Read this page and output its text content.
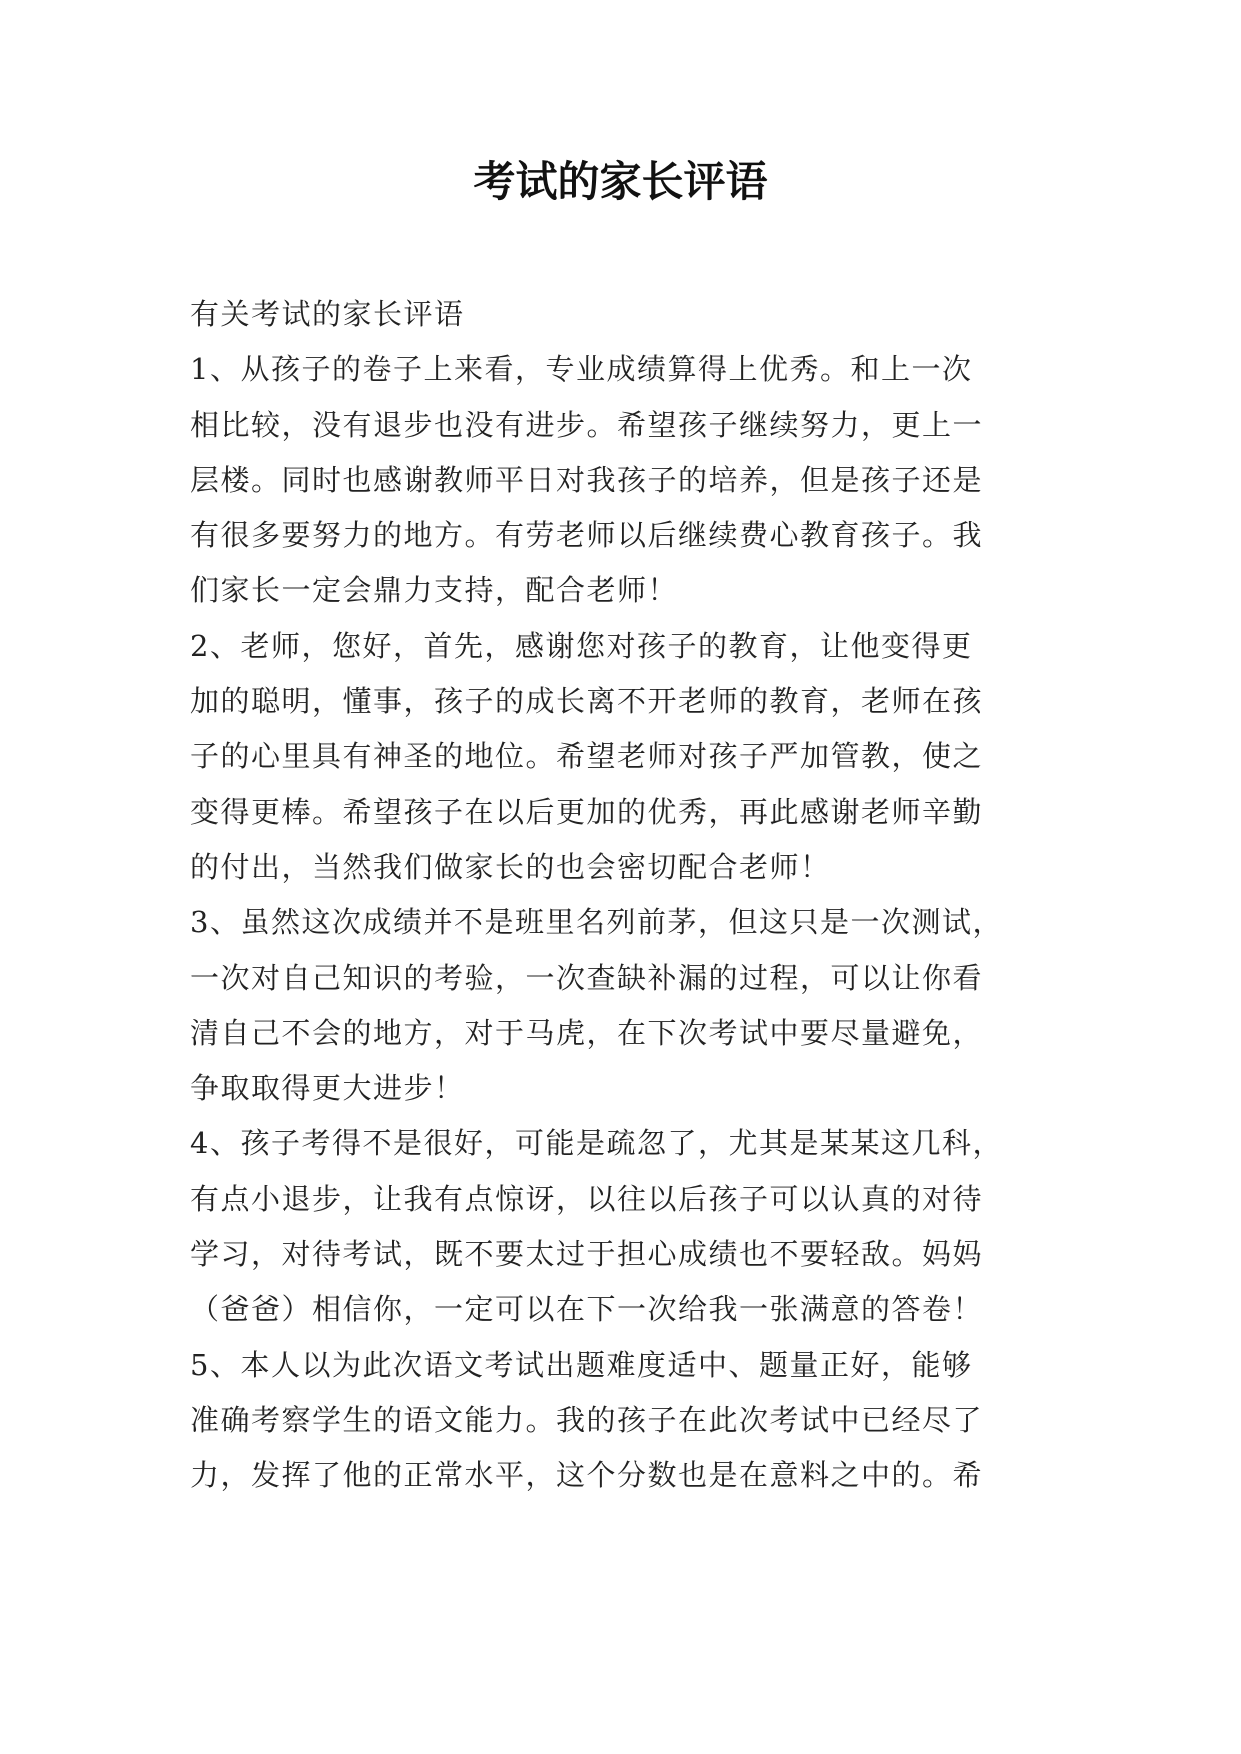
考试的家长评语
有关考试的家长评语
1、从孩子的卷子上来看，专业成绩算得上优秀。和上一次
相比较，没有退步也没有进步。希望孩子继续努力，更上一
层楼。同时也感谢教师平日对我孩子的培养，但是孩子还是
有很多要努力的地方。有劳老师以后继续费心教育孩子。我
们家长一定会鼎力支持，配合老师！
2、老师，您好，首先，感谢您对孩子的教育，让他变得更
加的聪明，懂事，孩子的成长离不开老师的教育，老师在孩
子的心里具有神圣的地位。希望老师对孩子严加管教，使之
变得更棒。希望孩子在以后更加的优秀，再此感谢老师辛勤
的付出，当然我们做家长的也会密切配合老师！
3、虽然这次成绩并不是班里名列前茅，但这只是一次测试，
一次对自己知识的考验，一次查缺补漏的过程，可以让你看
清自己不会的地方，对于马虎，在下次考试中要尽量避免，
争取取得更大进步！
4、孩子考得不是很好，可能是疏忽了，尤其是某某这几科，
有点小退步，让我有点惊讶，以往以后孩子可以认真的对待
学习，对待考试，既不要太过于担心成绩也不要轻敌。妈妈
（爸爸）相信你，一定可以在下一次给我一张满意的答卷！
5、本人以为此次语文考试出题难度适中、题量正好，能够
准确考察学生的语文能力。我的孩子在此次考试中已经尽了
力，发挥了他的正常水平，这个分数也是在意料之中的。希
